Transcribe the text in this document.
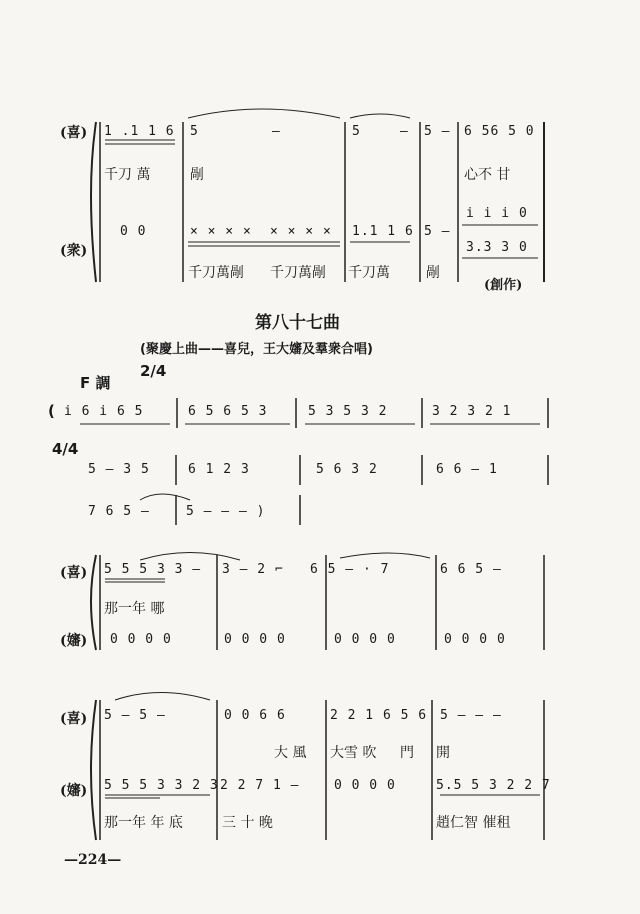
(喜)
(衆)
1 .1 1 6 5	—	5	— 5 — 6 56 5 0
千刀 萬	剮	心不 甘
0 0	× × × × × × × × 1.1 1 6 5 —
i i i 0
3.3 3 0
千刀萬剮 千刀萬剮 千刀萬	剮
(創作)
第八十七曲
(聚慶上曲——喜兒，王大嬸及羣衆合唱)
F 調
2/4
( i 6 i 6 5	6 5 6 5 3	5 3 5 3 2	3 2 3 2 1
4/4
5 — 3 5	6 1 2 3	5 6 3 2	6 6 — 1
7 6 5 —	5 — — — )
(喜)
(嬸)
5 5 5 3 3 — 3 — 2 ⌐ 6 5 — · 7	6 6 5 —
那一年 哪
0 0 0 0	0 0 0 0	0 0 0 0	0 0 0 0
(喜)
(嬸)
5 — 5 —	0 0 6 6	2 2 1 6 5 6 5 — — —
大 風 大雪 吹 門 開
5 5 5 3 3 2 3 2 2 7 1 —	0 0 0 0	5.5 5 3 2 2 7
那一年 年 底	三 十 晚	趙仁智 催租
—224—
